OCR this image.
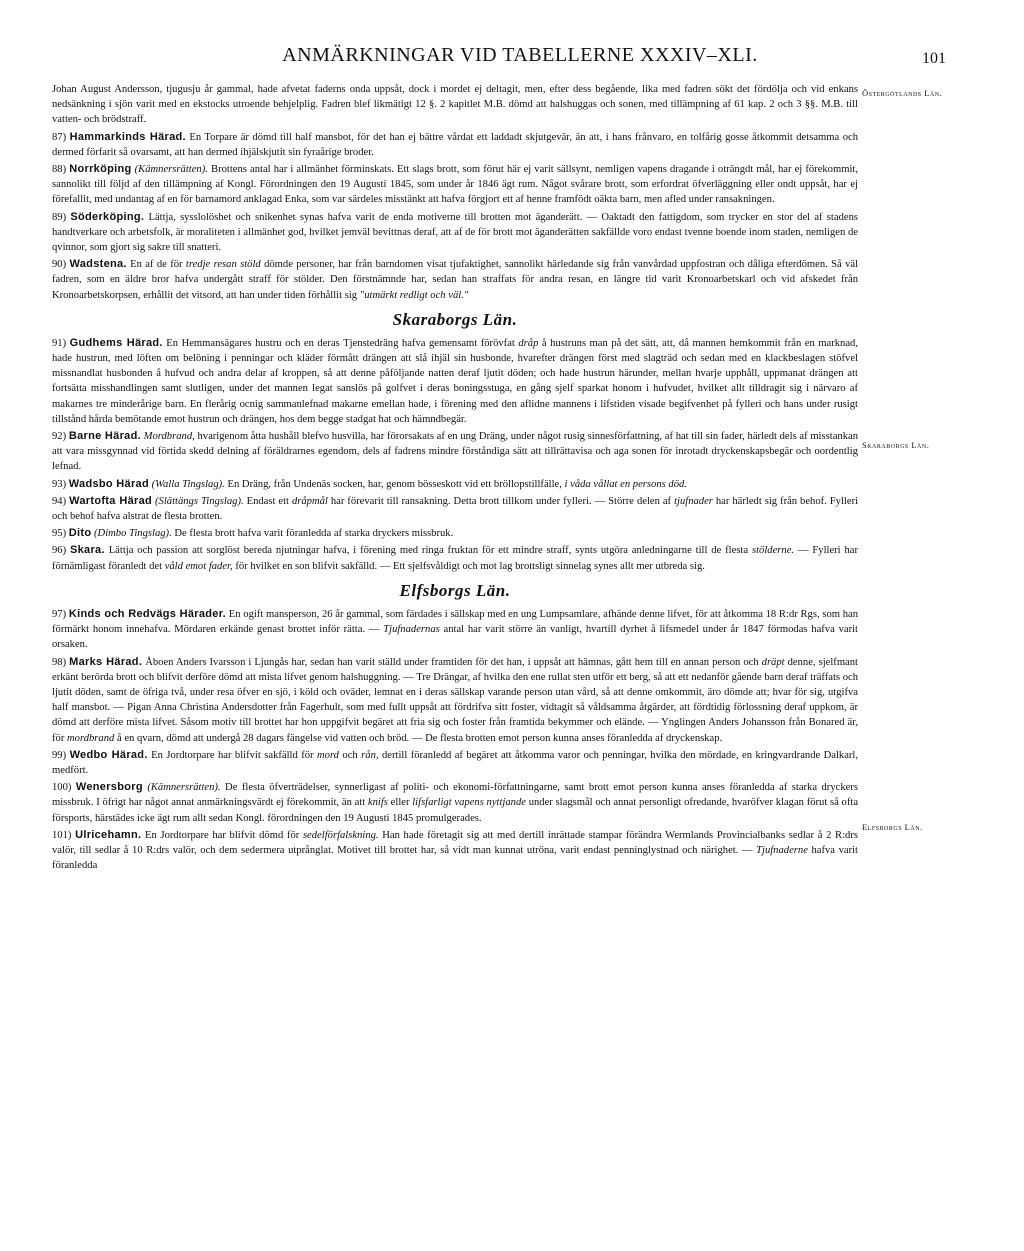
ANMÄRKNINGAR VID TABELLERNE XXXIV–XLI.	101
Östergötlands Län.
Skaraborgs Län.
Elfsborgs Län.

Johan August Andersson, tjugusju år gammal, hade afvetat faderns onda uppsåt, dock i mordet ej deltagit, men, efter dess begående, lika med fadren sökt det fördölja och vid enkans nedsänkning i sjön varit med en ekstocks utroende behjelplig. Fadren blef likmätigt 12 §. 2 kapitlet M.B. dömd att halshuggas och sonen, med tillämpning af 61 kap. 2 och 3 §§. M.B. till vatten- och brödstraff.

87) Hammarkinds Härad. En Torpare är dömd till half mansbot, för det han ej bättre vårdat ett laddadt skjutgevär, än att, i hans frånvaro, en tolfårig gosse åtkommit detsamma och dermed förfarit så ovarsamt, att han dermed ihjälskjutit sin fyraårige broder.

88) Norrköping (Kämnersrätten). Brottens antal har i allmänhet förminskats. Ett slags brott, som förut här ej varit sällsynt, nemligen vapens dragande i oträngdt mål, har ej förekommit, sannolikt till följd af den tillämpning af Kongl. Förordningen den 19 Augusti 1845, som under år 1846 ägt rum. Något svårare brott, som erfordrat öfverläggning eller ondt uppsåt, har ej förefallit, med undantag af en för barnamord anklagad Enka, som var särdeles misstänkt att hafva förgjort ett af henne framfödt oäkta barn, men afled under ransakningen.

89) Söderköping. Lättja, sysslolöshet och snikenhet synas hafva varit de enda motiverne till brotten mot äganderätt. — Oaktadt den fattigdom, som trycker en stor del af stadens handtverkare och arbetsfolk, är moraliteten i allmänhet god, hvilket jemväl bevittnas deraf, att af de för brott mot äganderätten sakfällde voro endast tvenne boende inom staden, nemligen de qvinnor, som gjort sig sakre till snatteri.

90) Wadstena. En af de för tredje resan stöld dömde personer, har från barndomen visat tjufaktighet, sannolikt härledande sig från vanvårdad uppfostran och dåliga efterdömen. Så väl fadren, som en äldre bror hafva undergått straff för stölder. Den förstnämnde har, sedan han straffats för andra resan, en längre tid varit Kronoarbetskarl och vid afskedet från Kronoarbetskorpsen, erhållit det vitsord, att han under tiden förhållit sig "utmärkt redligt och väl."

Skaraborgs Län.

91) Gudhems Härad. En Hemmansägares hustru och en deras Tjenstedräng hafva gemensamt förövfat dråp å hustruns man på det sätt, att, då mannen hemkommit från en marknad, hade hustrun, med löften om belöning i penningar och kläder förmått drängen att slå ihjäl sin husbonde, hvarefter drängen först med slagträd och sedan med en klackbeslagen stöfvel missnandlat husbonden å hufvud och andra delar af kroppen, så att denne påföljande natten deraf ljutit döden; och hade hustrun härunder, mellan hvarje upphåll, uppmanat drängen att fortsätta misshandlingen samt slutligen, under det mannen legat sanslös på golfvet i deras boningsstuga, en gång sjelf sparkat honom i hufvudet, hvilket allt tilldragit sig i närvaro af makarnes tre minderårige barn. En flerårig ocnig sammanlefnad makarne emellan hade, i förening med den aflidne mannens i lifstiden visade begifvenhet på fylleri och hans under rusigt tillstånd hårda bemötande emot hustrun och drängen, hos dem begge stadgat hat och hämndbegär.

92) Barne Härad. Mordbrand, hvarigenom åtta hushåll blefvo husvilla, har förorsakats af en ung Dräng, under något rusig sinnesförfattning, af hat till sin fader, härledt dels af misstankan att vara missgynnad vid förtida skedd delning af föräldrarnes egendom, dels af fadrens mindre förståndiga sätt att tillrättavisa och aga sonen för inrotadt dryckenskapsbegär och oordentlig lefnad.

93) Wadsbo Härad (Walla Tingslag). En Dräng, från Undenäs socken, har, genom bösseskott vid ett bröllopstillfälle, i våda vållat en persons död.

94) Wartofta Härad (Slättängs Tingslag). Endast ett dråpmål har förevarit till ransakning. Detta brott tillkom under fylleri. — Större delen af tjufnader har härledt sig från behof. Fylleri och behof hafva alstrat de flesta brotten.

95) Dito (Dimbo Tingslag). De flesta brott hafva varit föranledda af starka dryckers missbruk.

96) Skara. Lättja och passion att sorglöst bereda njutningar hafva, i förening med ringa fruktan för ett mindre straff, synts utgöra anledningarne till de flesta stölderne. — Fylleri har förnämligast föranledt det våld emot fader, för hvilket en son blifvit sakfälld. — Ett sjelfsvåldigt och mot lag brottsligt sinnelag synes allt mer utbreda sig.

Elfsborgs Län.

97) Kinds och Redvägs Härader. En ogift mansperson, 26 år gammal, som färdades i sällskap med en ung Lumpsamlare, afhände denne lifvet, för att åtkomma 18 R:dr Rgs, som han förmärkt honom innehafva. Mördaren erkände genast brottet inför rätta. — Tjufnadernas antal har varit större än vanligt, hvartill dyrhet å lifsmedel under år 1847 förmodas hafva varit orsaken.

98) Marks Härad. Åboen Anders Ivarsson i Ljungås har, sedan han varit ställd under framtiden för det han, i uppsåt att hämnas, gått hem till en annan person och dräpt denne, sjelfmant erkänt berörda brott och blifvit derföre dömd att mista lifvet genom halshuggning. — Tre Drängar, af hvilka den ene rullat sten utför ett berg, så att ett nedanför gående barn deraf träffats och ljutit döden, samt de öfriga två, under resa öfver en sjö, i köld och oväder, lemnat en i deras sällskap varande person utan vård, så att denne omkommit, äro dömde att; hvar för sig, utgifva half mansbot. — Pigan Anna Christina Andersdotter från Fagerhult, som med fullt uppsåt att fördrifva sitt foster, vidtagit så våldsamma åtgärder, att fördtidig förlossning deraf uppkom, är dömd att derföre mista lifvet. Såsom motiv till brottet har hon uppgifvit begäret att fria sig och foster från framtida bekymmer och elände. — Ynglingen Anders Johansson från Bonared är, för mordbrand å en qvarn, dömd att undergå 28 dagars fängelse vid vatten och bröd. — De flesta brotten emot person kunna anses föranledda af dryckenskap.

99) Wedbo Härad. En Jordtorpare har blifvit sakfälld för mord och rån, dertill föranledd af begäret att åtkomma varor och penningar, hvilka den mördade, en kringvardrande Dalkarl, medfört.

100) Wenersborg (Kämnersrätten). De flesta öfverträdelser, synnerligast af politi- och ekonomi-författningarne, samt brott emot person kunna anses föranledda af starka dryckers missbruk. I öfrigt har något annat anmärkningsvärdt ej förekommit, än att knifs eller lifsfarligt vapens nyttjande under slagsmål och annat personligt ofredande, hvaröfver klagan förut så ofta försports, härstädes icke ägt rum allt sedan Kongl. förordningen den 19 Augusti 1845 promulgerades.

101) Ulricehamn. En Jordtorpare har blifvit dömd för sedelförfalskning. Han hade företagit sig att med dertill inrättade stampar förändra Wermlands Provincialbanks sedlar å 2 R:drs valör, till sedlar å 10 R:drs valör, och dem sedermera utprånglat. Motivet till brottet har, så vidt man kunnat utröna, varit endast penninglystnad och närighet. — Tjufnaderne hafva varit föranledda
